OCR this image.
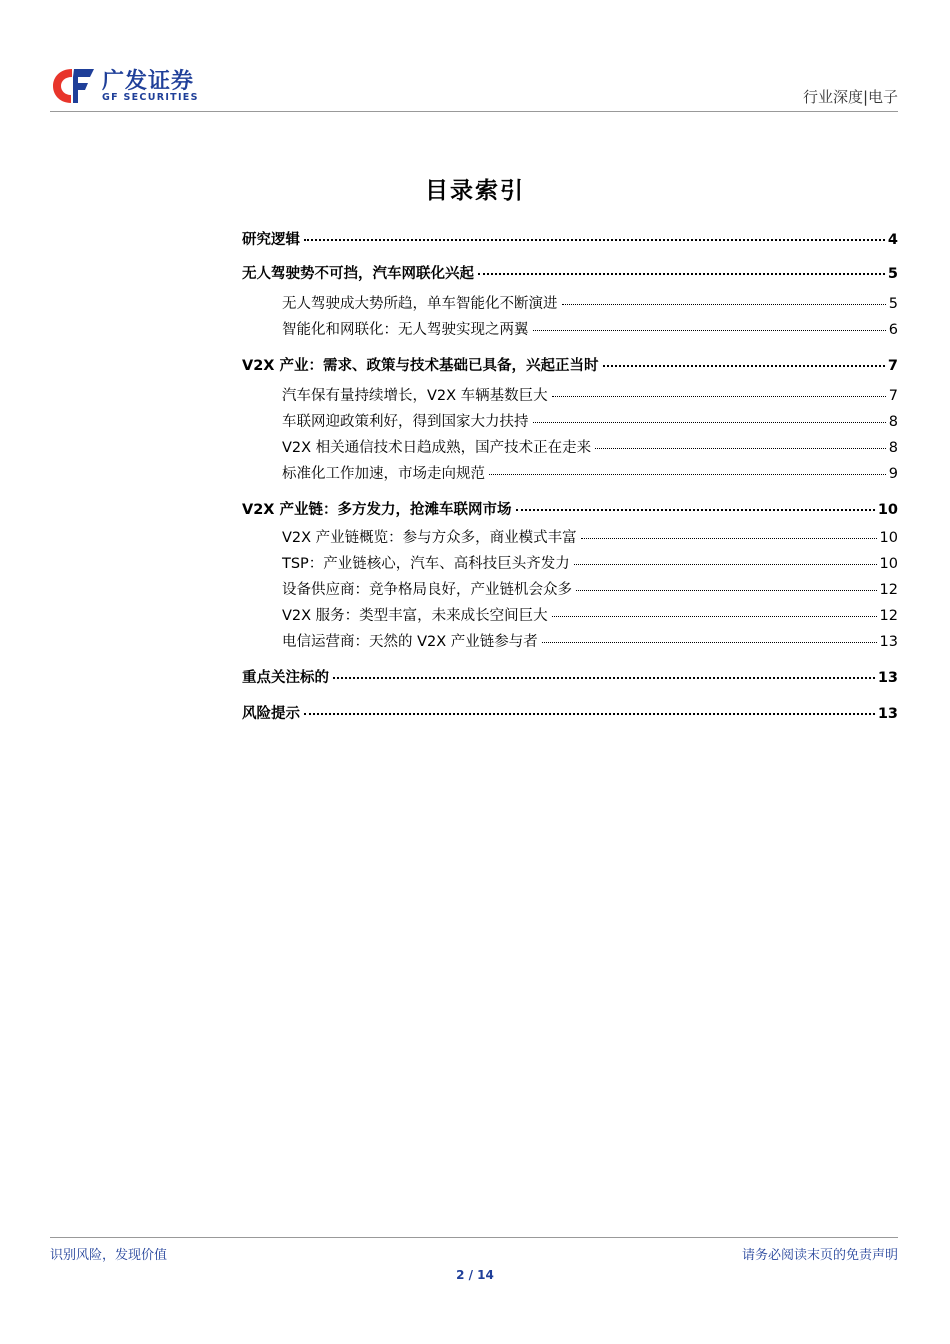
广发证券
GF SECURITIES	行业深度|电子
目录索引
研究逻辑	4
无人驾驶势不可挡，汽车网联化兴起	5
无人驾驶成大势所趋，单车智能化不断演进	5
智能化和网联化：无人驾驶实现之两翼	6
V2X 产业：需求、政策与技术基础已具备，兴起正当时	7
汽车保有量持续增长，V2X 车辆基数巨大	7
车联网迎政策利好，得到国家大力扶持	8
V2X 相关通信技术日趋成熟，国产技术正在走来	8
标准化工作加速，市场走向规范	9
V2X 产业链：多方发力，抢滩车联网市场	10
V2X 产业链概览：参与方众多，商业模式丰富	10
TSP：产业链核心，汽车、高科技巨头齐发力	10
设备供应商：竞争格局良好，产业链机会众多	12
V2X 服务：类型丰富，未来成长空间巨大	12
电信运营商：天然的 V2X 产业链参与者	13
重点关注标的	13
风险提示	13
识别风险，发现价值	请务必阅读末页的免责声明
2 / 14
